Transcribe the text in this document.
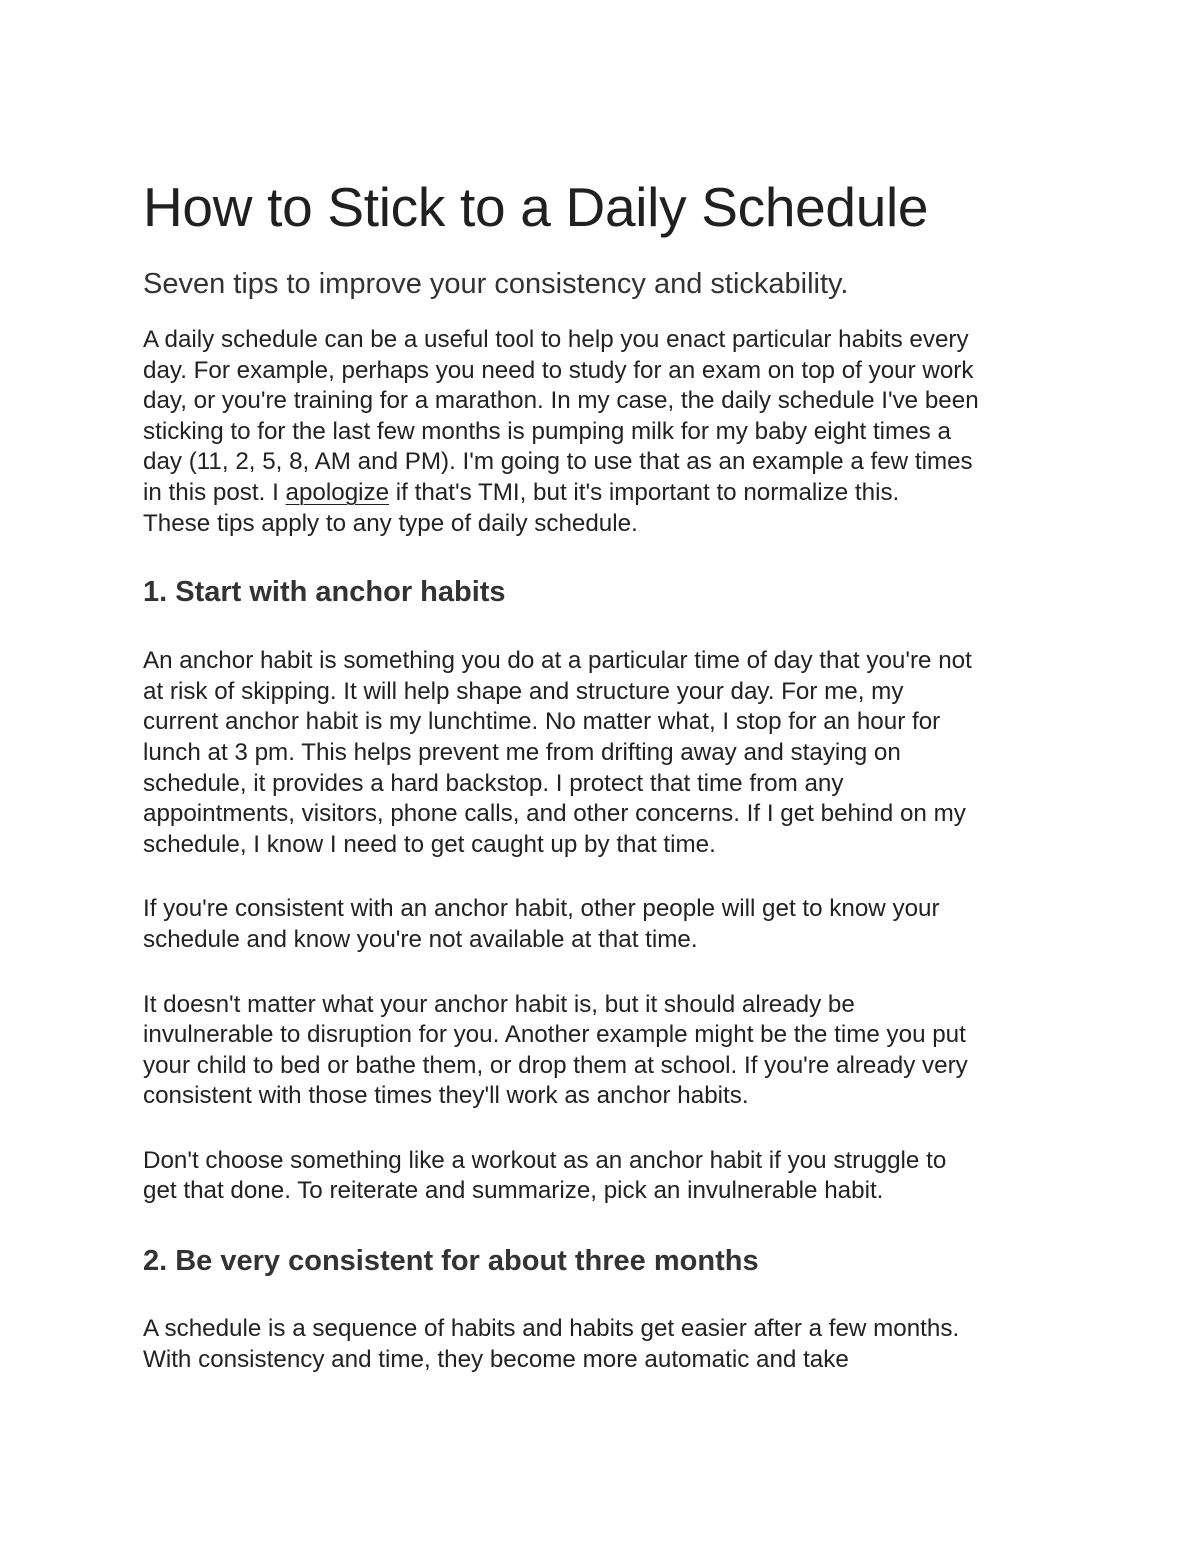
How to Stick to a Daily Schedule
Seven tips to improve your consistency and stickability.

A daily schedule can be a useful tool to help you enact particular habits every
day. For example, perhaps you need to study for an exam on top of your work
day, or you're training for a marathon. In my case, the daily schedule I've been
sticking to for the last few months is pumping milk for my baby eight times a
day (11, 2, 5, 8, AM and PM). I'm going to use that as an example a few times
in this post. I apologize if that's TMI, but it's important to normalize this.
These tips apply to any type of daily schedule.

1. Start with anchor habits

An anchor habit is something you do at a particular time of day that you're not
at risk of skipping. It will help shape and structure your day. For me, my
current anchor habit is my lunchtime. No matter what, I stop for an hour for
lunch at 3 pm. This helps prevent me from drifting away and staying on
schedule, it provides a hard backstop. I protect that time from any
appointments, visitors, phone calls, and other concerns. If I get behind on my
schedule, I know I need to get caught up by that time.

If you're consistent with an anchor habit, other people will get to know your
schedule and know you're not available at that time.

It doesn't matter what your anchor habit is, but it should already be
invulnerable to disruption for you. Another example might be the time you put
your child to bed or bathe them, or drop them at school. If you're already very
consistent with those times they'll work as anchor habits.

Don't choose something like a workout as an anchor habit if you struggle to
get that done. To reiterate and summarize, pick an invulnerable habit.

2. Be very consistent for about three months

A schedule is a sequence of habits and habits get easier after a few months.
With consistency and time, they become more automatic and take
